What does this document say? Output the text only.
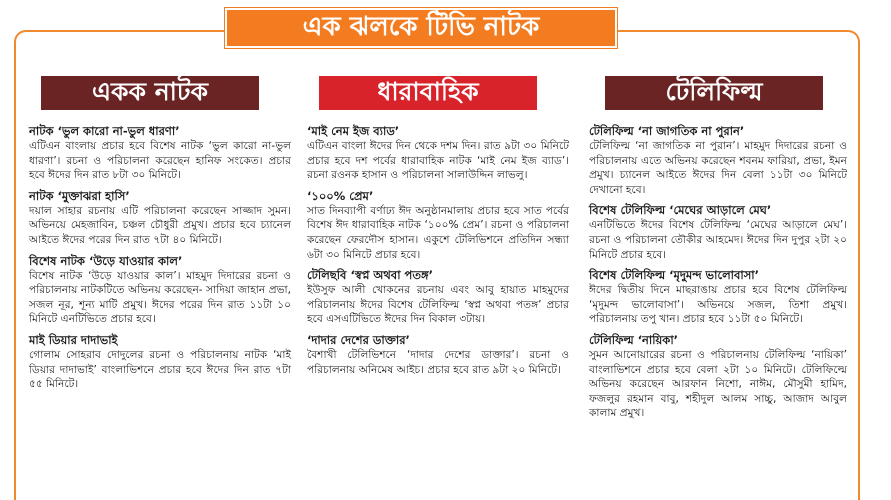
এক ঝলকে টিভি নাটক
একক নাটক
নাটক ‘ভুল কারো না-ভুল ধারণা’
এটিএন বাংলায় প্রচার হবে বিশেষ নাটক ‘ভুল কারো না-ভুল ধারণা’। রচনা ও পরিচালনা করেছেন হানিফ সংকেত। প্রচার হবে ঈদের দিন রাত ৮টা ৩০ মিনিটে।
নাটক ‘মুক্তাঝরা হাসি’
দয়াল সাহার রচনায় এটি পরিচালনা করেছেন সাজ্জাদ সুমন। অভিনয়ে মেহজাবিন, চঞ্চল চৌধুরী প্রমুখ। প্রচার হবে চ্যানেল আইতে ঈদের পরের দিন রাত ৭টা ৪০ মিনিটে।
বিশেষ নাটক ‘উড়ে যাওয়ার কাল’
বিশেষ নাটক ‘উড়ে যাওয়ার কাল’। মাহমুদ দিদারের রচনা ও পরিচালনায় নাটকটিতে অভিনয় করেছেন- সাদিয়া জাহান প্রভা, সজল নূর, শূন্য মাটি প্রমুখ। ঈদের পরের দিন রাত ১১টা ১০ মিনিটে এনটিভিতে প্রচার হবে।
মাই ডিয়ার দাদাভাই
গোলাম সোহরাব দোদুলের রচনা ও পরিচালনায় নাটক ‘মাই ডিয়ার দাদাভাই’ বাংলাভিশনে প্রচার হবে ঈদের দিন রাত ৭টা ৫৫ মিনিটে।
ধারাবাহিক
‘মাই নেম ইজ ব্যাড’
এটিএন বাংলা ঈদের দিন থেকে দশম দিন। রাত ৯টা ৩০ মিনিটে প্রচার হবে দশ পর্বের ধারাবাহিক নাটক ‘মাই নেম ইজ ব্যাড’। রচনা রওনক হাসান ও পরিচালনা সালাউদ্দিন লাভলু।
‘১০০% প্রেম’
সাত দিনব্যাপী বর্ণাঢ্য ঈদ অনুষ্ঠানমালায় প্রচার হবে সাত পর্বের বিশেষ ঈদ ধারাবাহিক নাটক ‘১০০% প্রেম’। রচনা ও পরিচালনা করেছেন ফেরদৌস হাসান। একুশে টেলিভিশনে প্রতিদিন সন্ধ্যা ৬টা ৩০ মিনিটে প্রচার হবে।
টেলিছবি ‘স্বপ্ন অথবা পতঙ্গ’
ইউসুফ আলী খোকনের রচনায় এবং আবু হায়াত মাহমুদের পরিচালনায় ঈদের বিশেষ টেলিফিল্ম ‘স্বপ্ন অথবা পতঙ্গ’ প্রচার হবে এসএটিভিতে ঈদের দিন বিকাল ৩টায়।
‘দাদার দেশের ডাক্তার’
বৈশাখী টেলিভিশনে ‘দাদার দেশের ডাক্তার’। রচনা ও পরিচালনায় অনিমেষ আইচ। প্রচার হবে রাত ৯টা ২০ মিনিটে।
টেলিফিল্ম
টেলিফিল্ম ‘না জাগতিক না পুরান’
টেলিফিল্ম ‘না জাগতিক না পুরান’। মাহমুদ দিদারের রচনা ও পরিচালনায় এতে অভিনয় করেছেন শবনম ফারিয়া, প্রভা, ইমন প্রমুখ। চ্যানেল আইতে ঈদের দিন বেলা ১১টা ৩০ মিনিটে দেখানো হবে।
বিশেষ টেলিফিল্ম ‘মেঘের আড়ালে মেঘ’
এনটিভিতে ঈদের বিশেষ টেলিফিল্ম ‘মেঘের আড়ালে মেঘ’। রচনা ও পরিচালনা তৌকীর আহমেদ। ঈদের দিন দুপুর ২টা ২০ মিনিটে প্রচার হবে।
বিশেষ টেলিফিল্ম ‘মৃদুমন্দ ভালোবাসা’
ঈদের দ্বিতীয় দিনে মাছরাঙায় প্রচার হবে বিশেষ টেলিফিল্ম ‘মৃদুমন্দ ভালোবাসা’। অভিনয়ে সজল, তিশা প্রমুখ। পরিচালনায় তপু খান। প্রচার হবে ১১টা ৫০ মিনিটে।
টেলিফিল্ম ‘নায়িকা’
সুমন আনোয়ারের রচনা ও পরিচালনায় টেলিফিল্ম ‘নায়িকা’ বাংলাভিশনে প্রচার হবে বেলা ২টা ১০ মিনিটে। টেলিফিল্মে অভিনয় করেছেন আরফান নিশো, নাঈম, মৌসুমী হামিদ, ফজলুর রহমান বাবু, শহীদুল আলম সাচ্চু, আজাদ আবুল কালাম প্রমুখ।
